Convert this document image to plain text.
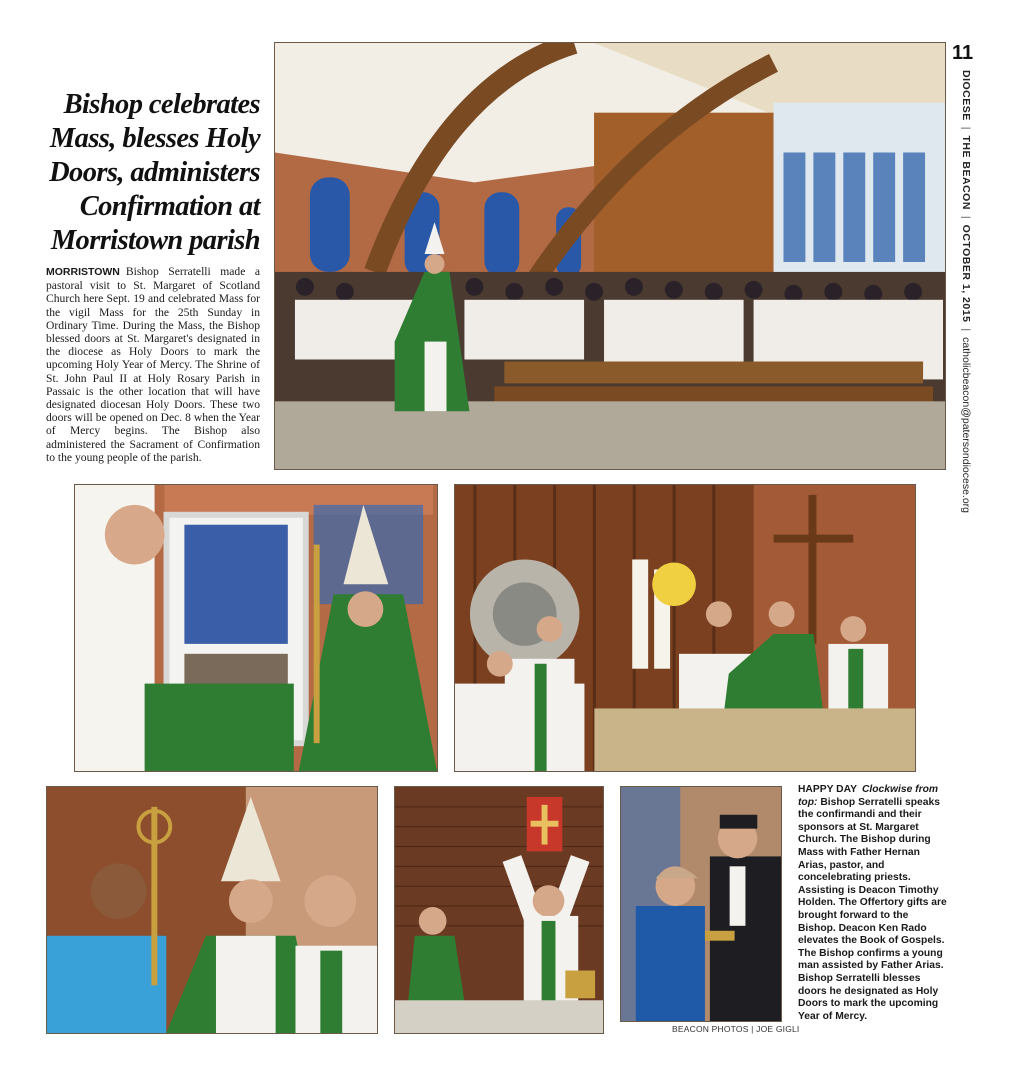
Bishop celebrates Mass, blesses Holy Doors, administers Confirmation at Morristown parish

MORRISTOWN Bishop Serratelli made a pastoral visit to St. Margaret of Scotland Church here Sept. 19 and celebrated Mass for the vigil Mass for the 25th Sunday in Ordinary Time. During the Mass, the Bishop blessed doors at St. Margaret's designated in the diocese as Holy Doors to mark the upcoming Holy Year of Mercy. The Shrine of St. John Paul II at Holy Rosary Parish in Passaic is the other location that will have designated diocesan Holy Doors. These two doors will be opened on Dec. 8 when the Year of Mercy begins. The Bishop also administered the Sacrament of Confirmation to the young people of the parish.

11
DIOCESE|THE BEACON|OCTOBER 1, 2015|catholicbeacon@patersondiocese.org

HAPPY DAY Clockwise from top: Bishop Serratelli speaks the confirmandi and their sponsors at St. Margaret Church. The Bishop during Mass with Father Hernan Arias, pastor, and concelebrating priests. Assisting is Deacon Timothy Holden. The Offertory gifts are brought forward to the Bishop. Deacon Ken Rado elevates the Book of Gospels. The Bishop confirms a young man assisted by Father Arias. Bishop Serratelli blesses doors he designated as Holy Doors to mark the upcoming Year of Mercy.

BEACON PHOTOS | JOE GIGLI
